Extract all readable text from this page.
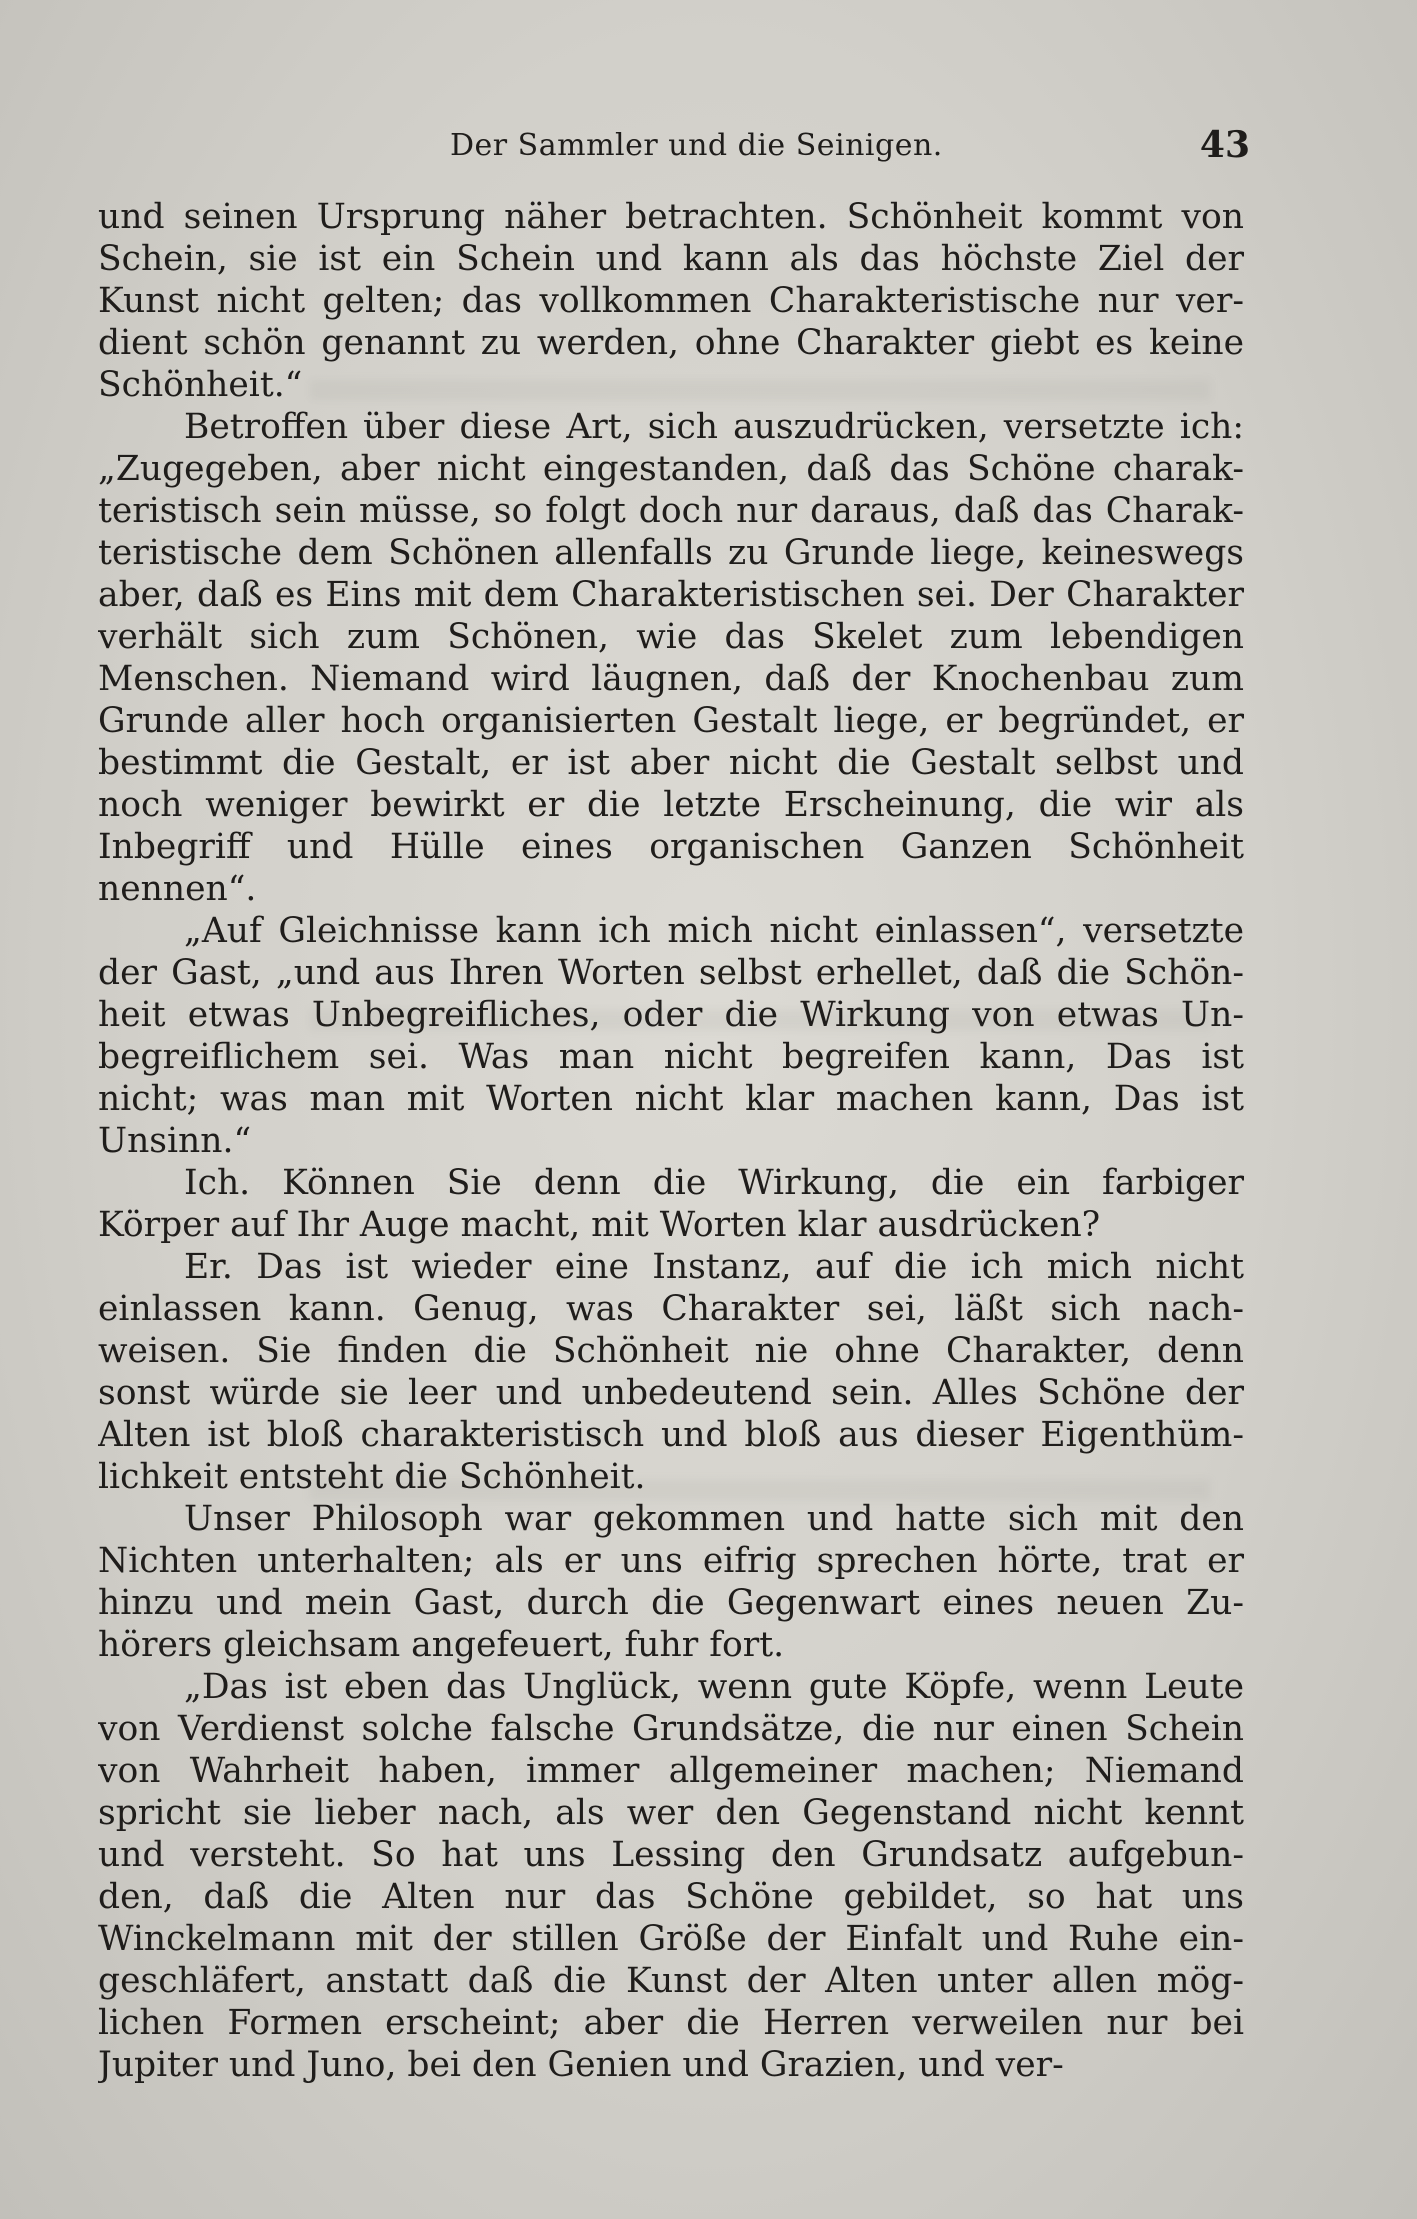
Der Sammler und die Seinigen.	43
und seinen Ursprung näher betrachten. Schönheit kommt von
Schein, sie ist ein Schein und kann als das höchste Ziel der
Kunst nicht gelten; das vollkommen Charakteristische nur ver-
dient schön genannt zu werden, ohne Charakter giebt es keine
Schönheit.“
Betroffen über diese Art, sich auszudrücken, versetzte ich:
„Zugegeben, aber nicht eingestanden, daß das Schöne charak-
teristisch sein müsse, so folgt doch nur daraus, daß das Charak-
teristische dem Schönen allenfalls zu Grunde liege, keineswegs
aber, daß es Eins mit dem Charakteristischen sei. Der Charakter
verhält sich zum Schönen, wie das Skelet zum lebendigen
Menschen. Niemand wird läugnen, daß der Knochenbau zum
Grunde aller hoch organisierten Gestalt liege, er begründet, er
bestimmt die Gestalt, er ist aber nicht die Gestalt selbst und
noch weniger bewirkt er die letzte Erscheinung, die wir als
Inbegriff und Hülle eines organischen Ganzen Schönheit
nennen“.
„Auf Gleichnisse kann ich mich nicht einlassen“, versetzte
der Gast, „und aus Ihren Worten selbst erhellet, daß die Schön-
heit etwas Unbegreifliches, oder die Wirkung von etwas Un-
begreiflichem sei. Was man nicht begreifen kann, Das ist
nicht; was man mit Worten nicht klar machen kann, Das ist
Unsinn.“
Ich. Können Sie denn die Wirkung, die ein farbiger
Körper auf Ihr Auge macht, mit Worten klar ausdrücken?
Er. Das ist wieder eine Instanz, auf die ich mich nicht
einlassen kann. Genug, was Charakter sei, läßt sich nach-
weisen. Sie finden die Schönheit nie ohne Charakter, denn
sonst würde sie leer und unbedeutend sein. Alles Schöne der
Alten ist bloß charakteristisch und bloß aus dieser Eigenthüm-
lichkeit entsteht die Schönheit.
Unser Philosoph war gekommen und hatte sich mit den
Nichten unterhalten; als er uns eifrig sprechen hörte, trat er
hinzu und mein Gast, durch die Gegenwart eines neuen Zu-
hörers gleichsam angefeuert, fuhr fort.
„Das ist eben das Unglück, wenn gute Köpfe, wenn Leute
von Verdienst solche falsche Grundsätze, die nur einen Schein
von Wahrheit haben, immer allgemeiner machen; Niemand
spricht sie lieber nach, als wer den Gegenstand nicht kennt
und versteht. So hat uns Lessing den Grundsatz aufgebun-
den, daß die Alten nur das Schöne gebildet, so hat uns
Winckelmann mit der stillen Größe der Einfalt und Ruhe ein-
geschläfert, anstatt daß die Kunst der Alten unter allen mög-
lichen Formen erscheint; aber die Herren verweilen nur bei
Jupiter und Juno, bei den Genien und Grazien, und ver-
